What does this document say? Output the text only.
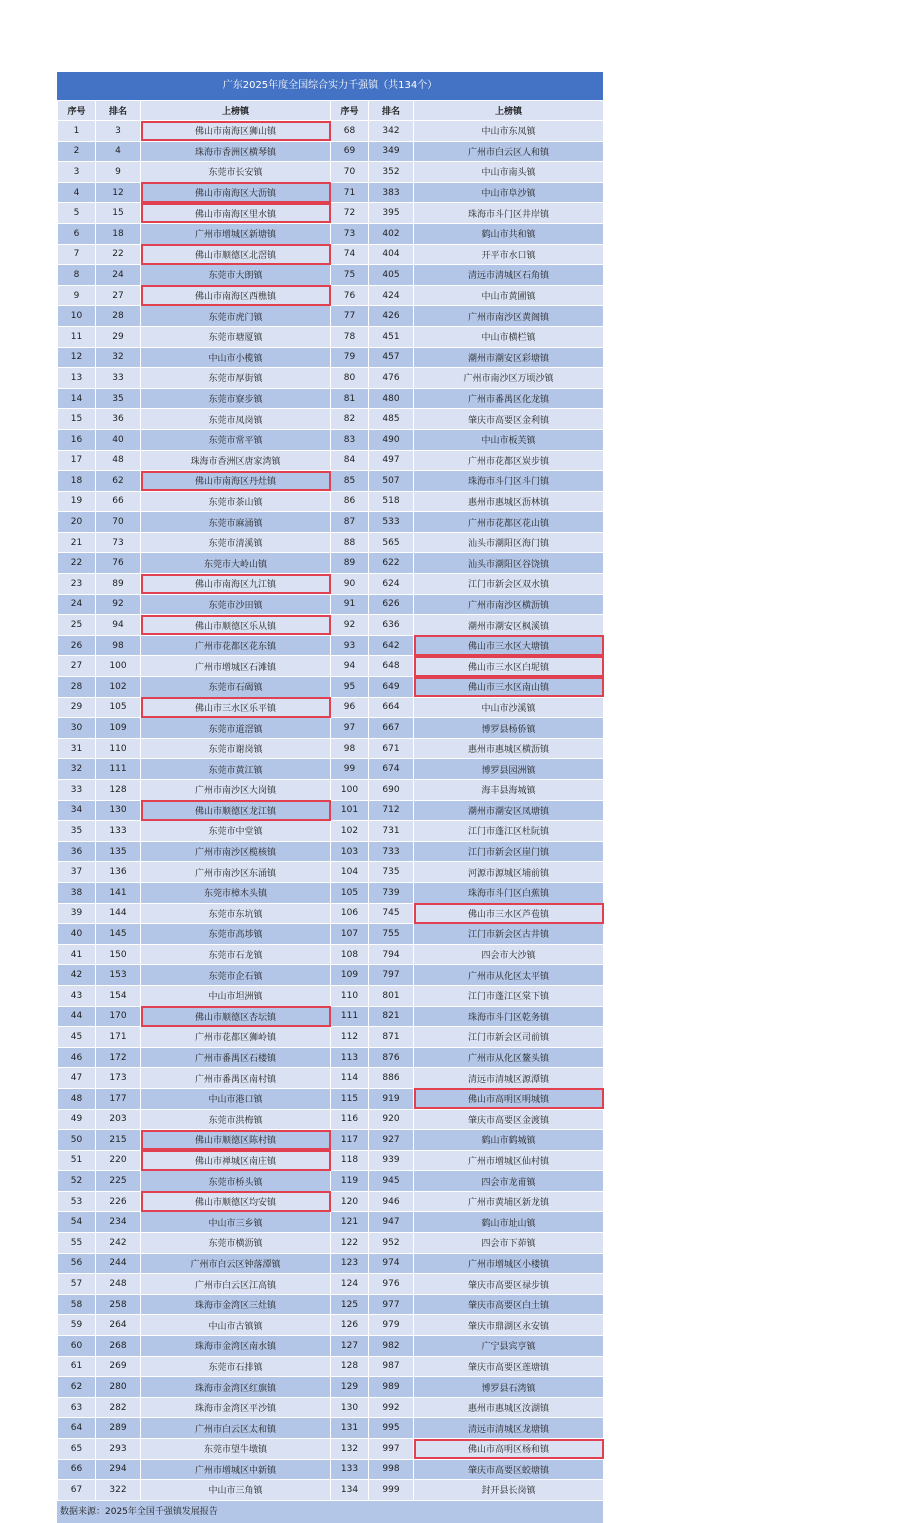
广东2025年度全国综合实力千强镇（共134个）
序号	排名	上榜镇	序号	排名	上榜镇
1	3	佛山市南海区狮山镇	68	342	中山市东凤镇
2	4	珠海市香洲区横琴镇	69	349	广州市白云区人和镇
3	9	东莞市长安镇	70	352	中山市南头镇
4	12	佛山市南海区大沥镇	71	383	中山市阜沙镇
5	15	佛山市南海区里水镇	72	395	珠海市斗门区井岸镇
6	18	广州市增城区新塘镇	73	402	鹤山市共和镇
7	22	佛山市顺德区北滘镇	74	404	开平市水口镇
8	24	东莞市大朗镇	75	405	清远市清城区石角镇
9	27	佛山市南海区西樵镇	76	424	中山市黄圃镇
10	28	东莞市虎门镇	77	426	广州市南沙区黄阁镇
11	29	东莞市塘厦镇	78	451	中山市横栏镇
12	32	中山市小榄镇	79	457	潮州市潮安区彩塘镇
13	33	东莞市厚街镇	80	476	广州市南沙区万顷沙镇
14	35	东莞市寮步镇	81	480	广州市番禺区化龙镇
15	36	东莞市凤岗镇	82	485	肇庆市高要区金利镇
16	40	东莞市常平镇	83	490	中山市板芙镇
17	48	珠海市香洲区唐家湾镇	84	497	广州市花都区炭步镇
18	62	佛山市南海区丹灶镇	85	507	珠海市斗门区斗门镇
19	66	东莞市茶山镇	86	518	惠州市惠城区沥林镇
20	70	东莞市麻涌镇	87	533	广州市花都区花山镇
21	73	东莞市清溪镇	88	565	汕头市潮阳区海门镇
22	76	东莞市大岭山镇	89	622	汕头市潮阳区谷饶镇
23	89	佛山市南海区九江镇	90	624	江门市新会区双水镇
24	92	东莞市沙田镇	91	626	广州市南沙区横沥镇
25	94	佛山市顺德区乐从镇	92	636	潮州市潮安区枫溪镇
26	98	广州市花都区花东镇	93	642	佛山市三水区大塘镇
27	100	广州市增城区石滩镇	94	648	佛山市三水区白坭镇
28	102	东莞市石碣镇	95	649	佛山市三水区南山镇
29	105	佛山市三水区乐平镇	96	664	中山市沙溪镇
30	109	东莞市道滘镇	97	667	博罗县杨侨镇
31	110	东莞市谢岗镇	98	671	惠州市惠城区横沥镇
32	111	东莞市黄江镇	99	674	博罗县园洲镇
33	128	广州市南沙区大岗镇	100	690	海丰县海城镇
34	130	佛山市顺德区龙江镇	101	712	潮州市潮安区凤塘镇
35	133	东莞市中堂镇	102	731	江门市蓬江区杜阮镇
36	135	广州市南沙区榄核镇	103	733	江门市新会区崖门镇
37	136	广州市南沙区东涌镇	104	735	河源市源城区埔前镇
38	141	东莞市樟木头镇	105	739	珠海市斗门区白蕉镇
39	144	东莞市东坑镇	106	745	佛山市三水区芦苞镇
40	145	东莞市高埗镇	107	755	江门市新会区古井镇
41	150	东莞市石龙镇	108	794	四会市大沙镇
42	153	东莞市企石镇	109	797	广州市从化区太平镇
43	154	中山市坦洲镇	110	801	江门市蓬江区棠下镇
44	170	佛山市顺德区杏坛镇	111	821	珠海市斗门区乾务镇
45	171	广州市花都区狮岭镇	112	871	江门市新会区司前镇
46	172	广州市番禺区石楼镇	113	876	广州市从化区鳌头镇
47	173	广州市番禺区南村镇	114	886	清远市清城区源潭镇
48	177	中山市港口镇	115	919	佛山市高明区明城镇
49	203	东莞市洪梅镇	116	920	肇庆市高要区金渡镇
50	215	佛山市顺德区陈村镇	117	927	鹤山市鹤城镇
51	220	佛山市禅城区南庄镇	118	939	广州市增城区仙村镇
52	225	东莞市桥头镇	119	945	四会市龙甫镇
53	226	佛山市顺德区均安镇	120	946	广州市黄埔区新龙镇
54	234	中山市三乡镇	121	947	鹤山市址山镇
55	242	东莞市横沥镇	122	952	四会市下茆镇
56	244	广州市白云区钟落潭镇	123	974	广州市增城区小楼镇
57	248	广州市白云区江高镇	124	976	肇庆市高要区禄步镇
58	258	珠海市金湾区三灶镇	125	977	肇庆市高要区白土镇
59	264	中山市古镇镇	126	979	肇庆市鼎湖区永安镇
60	268	珠海市金湾区南水镇	127	982	广宁县宾亨镇
61	269	东莞市石排镇	128	987	肇庆市高要区莲塘镇
62	280	珠海市金湾区红旗镇	129	989	博罗县石湾镇
63	282	珠海市金湾区平沙镇	130	992	惠州市惠城区汝湖镇
64	289	广州市白云区太和镇	131	995	清远市清城区龙塘镇
65	293	东莞市望牛墩镇	132	997	佛山市高明区杨和镇
66	294	广州市增城区中新镇	133	998	肇庆市高要区蛟塘镇
67	322	中山市三角镇	134	999	封开县长岗镇
数据来源：2025年全国千强镇发展报告
